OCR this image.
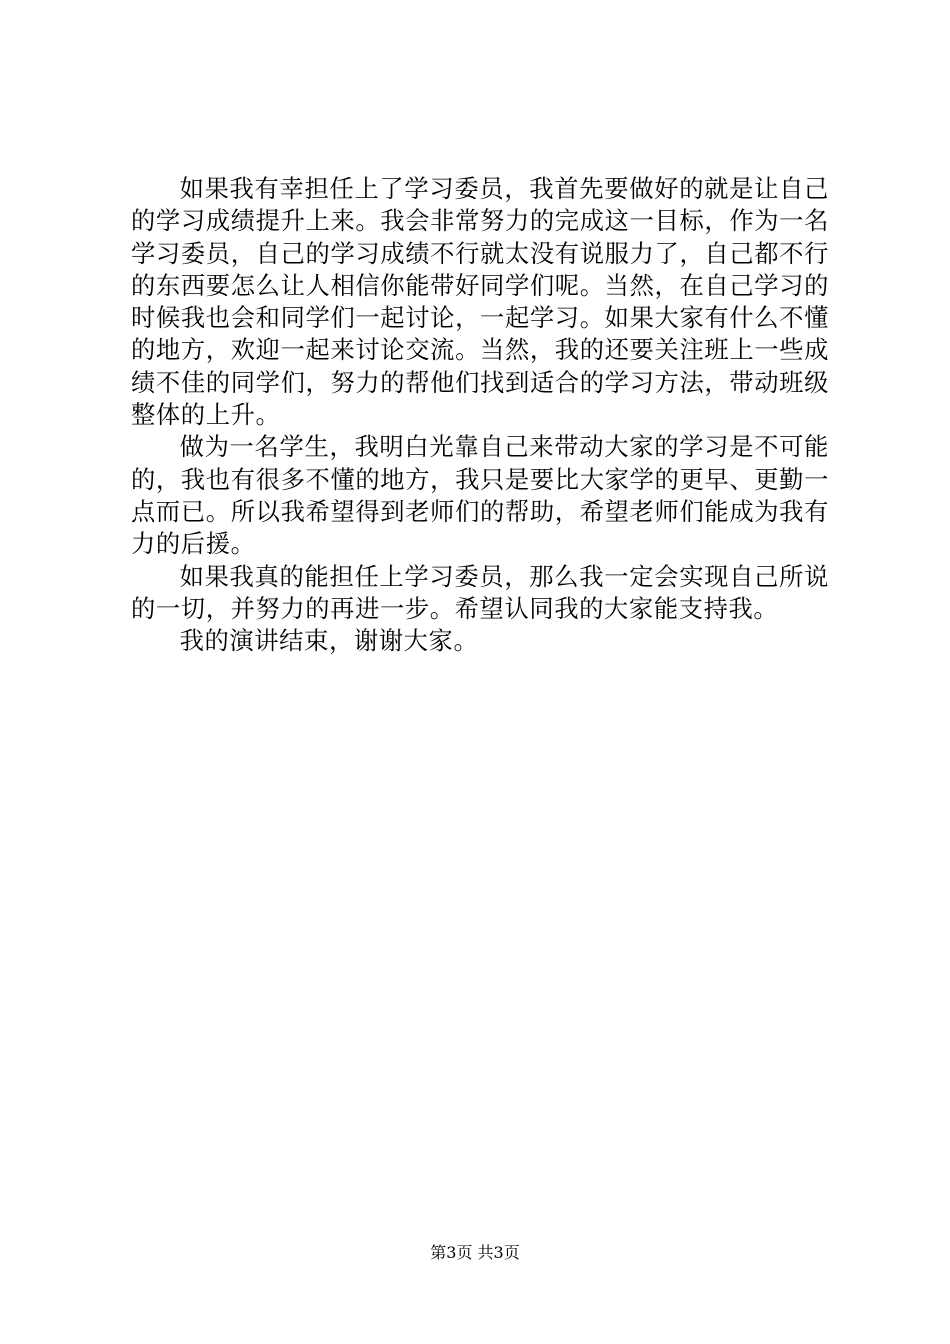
如果我有幸担任上了学习委员，我首先要做好的就是让自己的学习成绩提升上来。我会非常努力的完成这一目标，作为一名学习委员，自己的学习成绩不行就太没有说服力了，自己都不行的东西要怎么让人相信你能带好同学们呢。当然，在自己学习的时候我也会和同学们一起讨论，一起学习。如果大家有什么不懂的地方，欢迎一起来讨论交流。当然，我的还要关注班上一些成绩不佳的同学们，努力的帮他们找到适合的学习方法，带动班级整体的上升。

做为一名学生，我明白光靠自己来带动大家的学习是不可能的，我也有很多不懂的地方，我只是要比大家学的更早、更勤一点而已。所以我希望得到老师们的帮助，希望老师们能成为我有力的后援。

如果我真的能担任上学习委员，那么我一定会实现自己所说的一切，并努力的再进一步。希望认同我的大家能支持我。

我的演讲结束，谢谢大家。

第3页 共3页
